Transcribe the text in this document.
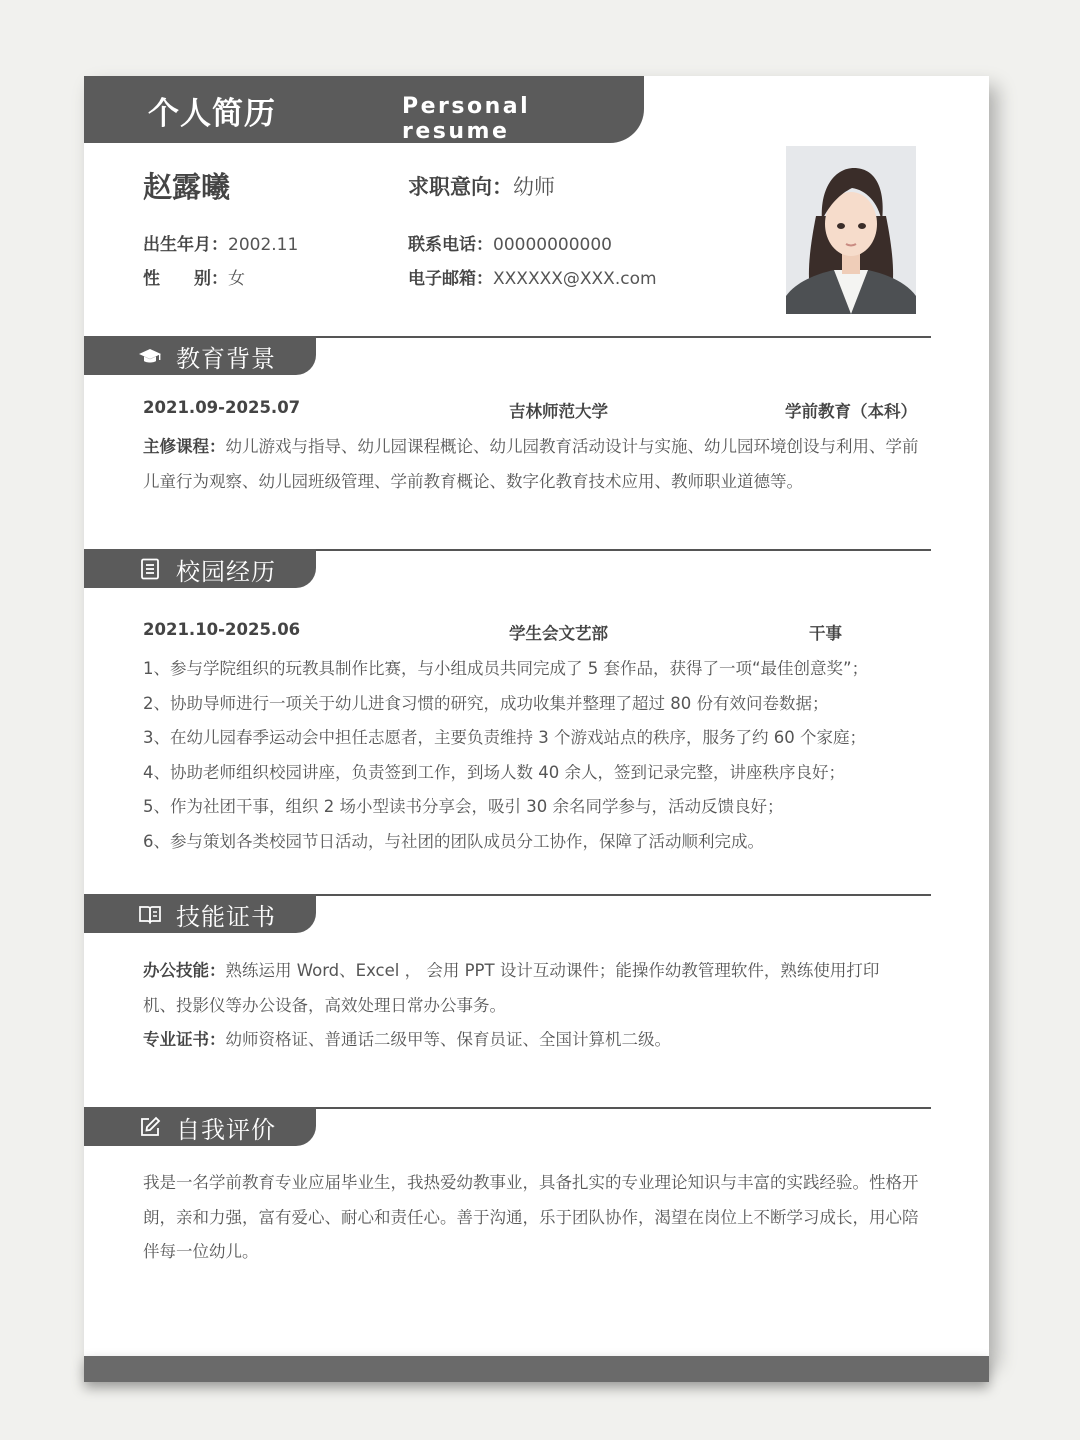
个人简历	Personal resume
赵露曦	求职意向：幼师
出生年月：2002.11
性　　别：女
联系电话：00000000000
电子邮箱：XXXXXX@XXX.com
教育背景
2021.09-2025.07	吉林师范大学	学前教育（本科）
主修课程：幼儿游戏与指导、幼儿园课程概论、幼儿园教育活动设计与实施、幼儿园环境创设与利用、学前
儿童行为观察、幼儿园班级管理、学前教育概论、数字化教育技术应用、教师职业道德等。
校园经历
2021.10-2025.06	学生会文艺部	干事
1、参与学院组织的玩教具制作比赛，与小组成员共同完成了 5 套作品，获得了一项“最佳创意奖”；
2、协助导师进行一项关于幼儿进食习惯的研究，成功收集并整理了超过 80 份有效问卷数据；
3、在幼儿园春季运动会中担任志愿者，主要负责维持 3 个游戏站点的秩序，服务了约 60 个家庭；
4、协助老师组织校园讲座，负责签到工作，到场人数 40 余人，签到记录完整，讲座秩序良好；
5、作为社团干事，组织 2 场小型读书分享会，吸引 30 余名同学参与，活动反馈良好；
6、参与策划各类校园节日活动，与社团的团队成员分工协作，保障了活动顺利完成。
技能证书
办公技能：熟练运用 Word、Excel ， 会用 PPT 设计互动课件；能操作幼教管理软件，熟练使用打印
机、投影仪等办公设备，高效处理日常办公事务。
专业证书：幼师资格证、普通话二级甲等、保育员证、全国计算机二级。
自我评价
我是一名学前教育专业应届毕业生，我热爱幼教事业，具备扎实的专业理论知识与丰富的实践经验。性格开
朗，亲和力强，富有爱心、耐心和责任心。善于沟通，乐于团队协作，渴望在岗位上不断学习成长，用心陪
伴每一位幼儿。
